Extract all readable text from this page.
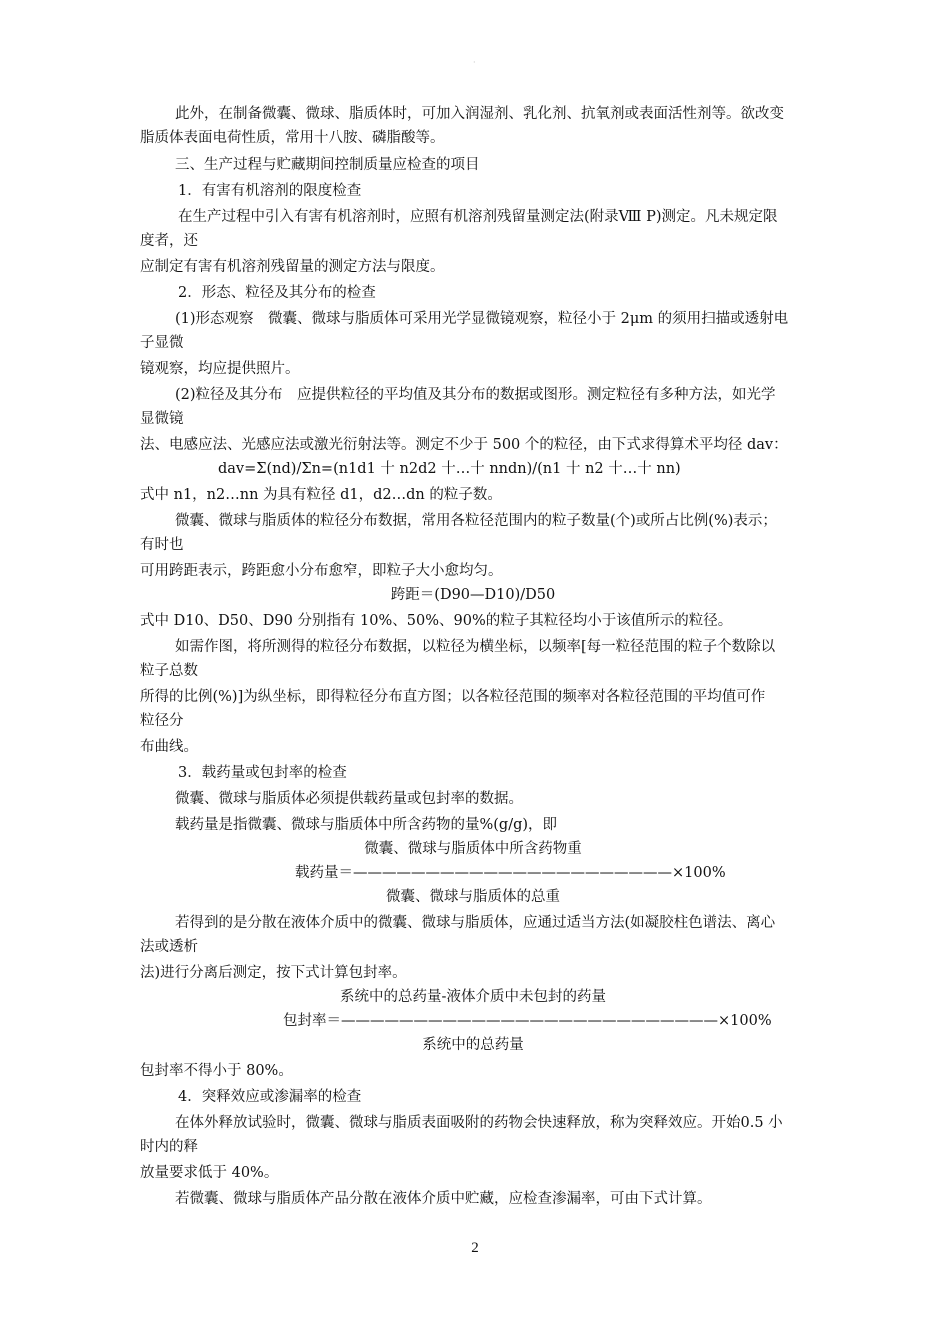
·
此外，在制备微囊、微球、脂质体时，可加入润湿剂、乳化剂、抗氧剂或表面活性剂等。欲改变
脂质体表面电荷性质，常用十八胺、磷脂酸等。
三、生产过程与贮藏期间控制质量应检查的项目
1．有害有机溶剂的限度检查
在生产过程中引入有害有机溶剂时，应照有机溶剂残留量测定法(附录Ⅷ P)测定。凡未规定限
度者，还
应制定有害有机溶剂残留量的测定方法与限度。
2．形态、粒径及其分布的检查
(1)形态观察　微囊、微球与脂质体可采用光学显微镜观察，粒径小于 2μm 的须用扫描或透射电
子显微
镜观察，均应提供照片。
(2)粒径及其分布　应提供粒径的平均值及其分布的数据或图形。测定粒径有多种方法，如光学
显微镜
法、电感应法、光感应法或激光衍射法等。测定不少于 500 个的粒径，由下式求得算术平均径 dav：
dav=Σ(nd)/Σn=(n1d1 十 n2d2 十…十 nndn)/(n1 十 n2 十…十 nn)
式中 n1，n2…nn 为具有粒径 d1，d2…dn 的粒子数。
微囊、微球与脂质体的粒径分布数据，常用各粒径范围内的粒子数量(个)或所占比例(%)表示；
有时也
可用跨距表示，跨距愈小分布愈窄，即粒子大小愈均匀。
跨距＝(D90—D10)/D50
式中 D10、D50、D90 分别指有 10%、50%、90%的粒子其粒径均小于该值所示的粒径。
如需作图，将所测得的粒径分布数据，以粒径为横坐标，以频率[每一粒径范围的粒子个数除以
粒子总数
所得的比例(%)]为纵坐标，即得粒径分布直方图；以各粒径范围的频率对各粒径范围的平均值可作
粒径分
布曲线。
3．载药量或包封率的检查
微囊、微球与脂质体必须提供载药量或包封率的数据。
载药量是指微囊、微球与脂质体中所含药物的量%(g/g)，即
微囊、微球与脂质体中所含药物重
载药量＝——————————————————————×100%
微囊、微球与脂质体的总重
若得到的是分散在液体介质中的微囊、微球与脂质体，应通过适当方法(如凝胶柱色谱法、离心
法或透析
法)进行分离后测定，按下式计算包封率。
系统中的总药量-液体介质中未包封的药量
包封率＝——————————————————————————×100%
系统中的总药量
包封率不得小于 80%。
4．突释效应或渗漏率的检查
在体外释放试验时，微囊、微球与脂质表面吸附的药物会快速释放，称为突释效应。开始0.5 小
时内的释
放量要求低于 40%。
若微囊、微球与脂质体产品分散在液体介质中贮藏，应检查渗漏率，可由下式计算。
2
